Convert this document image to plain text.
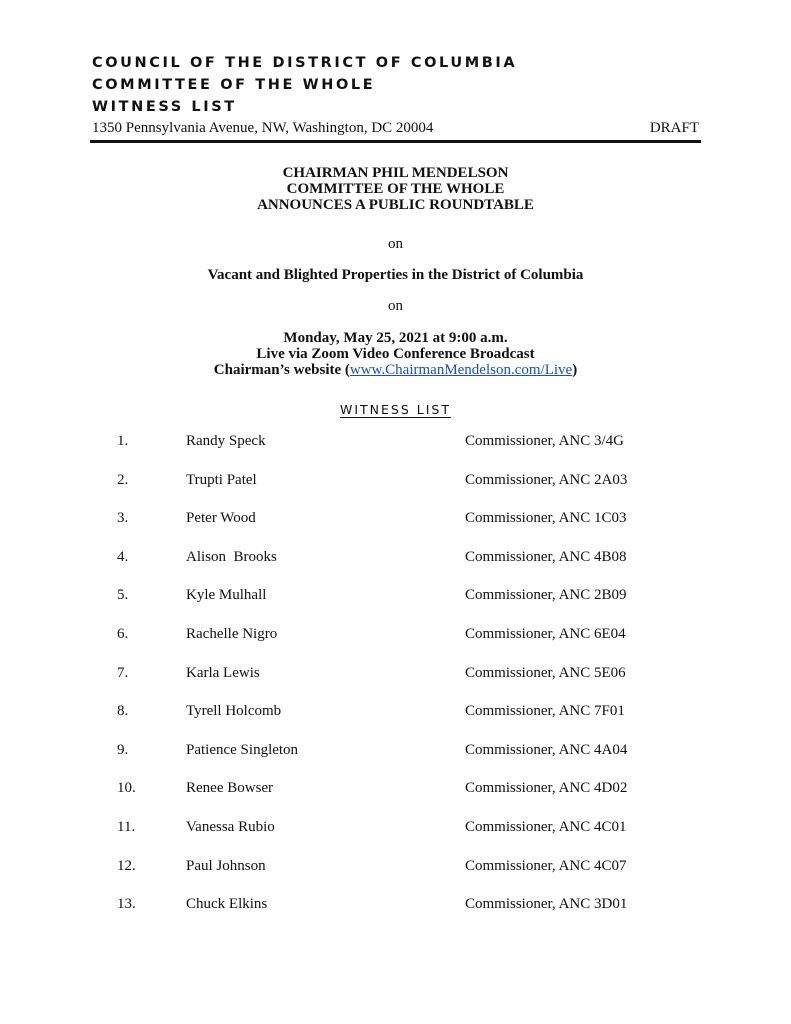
COUNCIL OF THE DISTRICT OF COLUMBIA
COMMITTEE OF THE WHOLE
WITNESS LIST
1350 Pennsylvania Avenue, NW, Washington, DC 20004	DRAFT
CHAIRMAN PHIL MENDELSON
COMMITTEE OF THE WHOLE
ANNOUNCES A PUBLIC ROUNDTABLE
on
Vacant and Blighted Properties in the District of Columbia
on
Monday, May 25, 2021 at 9:00 a.m.
Live via Zoom Video Conference Broadcast
Chairman’s website (www.ChairmanMendelson.com/Live)
WITNESS LIST
1.	Randy Speck	Commissioner, ANC 3/4G
2.	Trupti Patel	Commissioner, ANC 2A03
3.	Peter Wood	Commissioner, ANC 1C03
4.	Alison  Brooks	Commissioner, ANC 4B08
5.	Kyle Mulhall	Commissioner, ANC 2B09
6.	Rachelle Nigro	Commissioner, ANC 6E04
7.	Karla Lewis	Commissioner, ANC 5E06
8.	Tyrell Holcomb	Commissioner, ANC 7F01
9.	Patience Singleton	Commissioner, ANC 4A04
10.	Renee Bowser	Commissioner, ANC 4D02
11.	Vanessa Rubio	Commissioner, ANC 4C01
12.	Paul Johnson	Commissioner, ANC 4C07
13.	Chuck Elkins	Commissioner, ANC 3D01
